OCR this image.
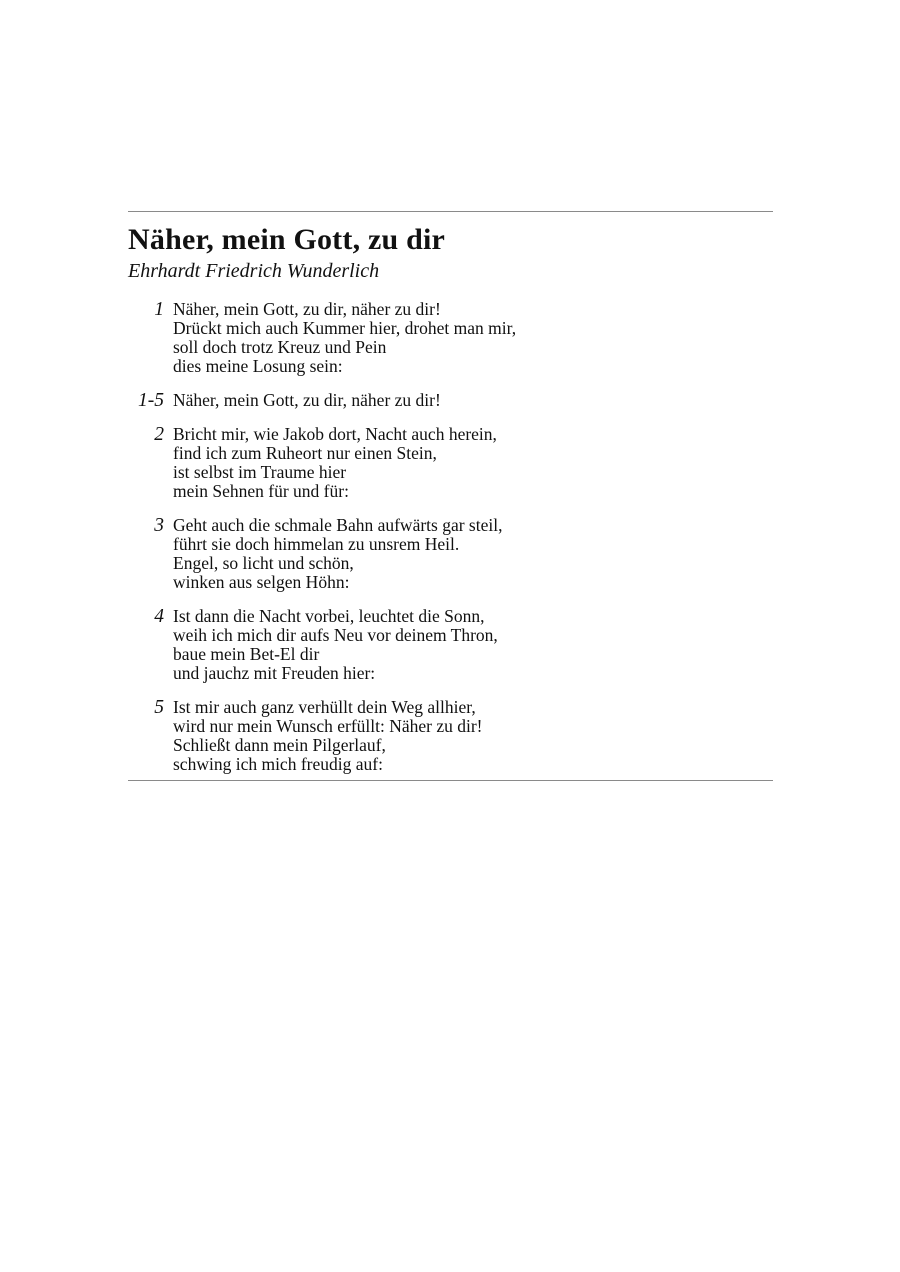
Näher, mein Gott, zu dir
Ehrhardt Friedrich Wunderlich
1 Näher, mein Gott, zu dir, näher zu dir!
Drückt mich auch Kummer hier, drohet man mir,
soll doch trotz Kreuz und Pein
dies meine Losung sein:
1-5 Näher, mein Gott, zu dir, näher zu dir!
2 Bricht mir, wie Jakob dort, Nacht auch herein,
find ich zum Ruheort nur einen Stein,
ist selbst im Traume hier
mein Sehnen für und für:
3 Geht auch die schmale Bahn aufwärts gar steil,
führt sie doch himmelan zu unsrem Heil.
Engel, so licht und schön,
winken aus selgen Höhn:
4 Ist dann die Nacht vorbei, leuchtet die Sonn,
weih ich mich dir aufs Neu vor deinem Thron,
baue mein Bet-El dir
und jauchz mit Freuden hier:
5 Ist mir auch ganz verhüllt dein Weg allhier,
wird nur mein Wunsch erfüllt: Näher zu dir!
Schließt dann mein Pilgerlauf,
schwing ich mich freudig auf:
